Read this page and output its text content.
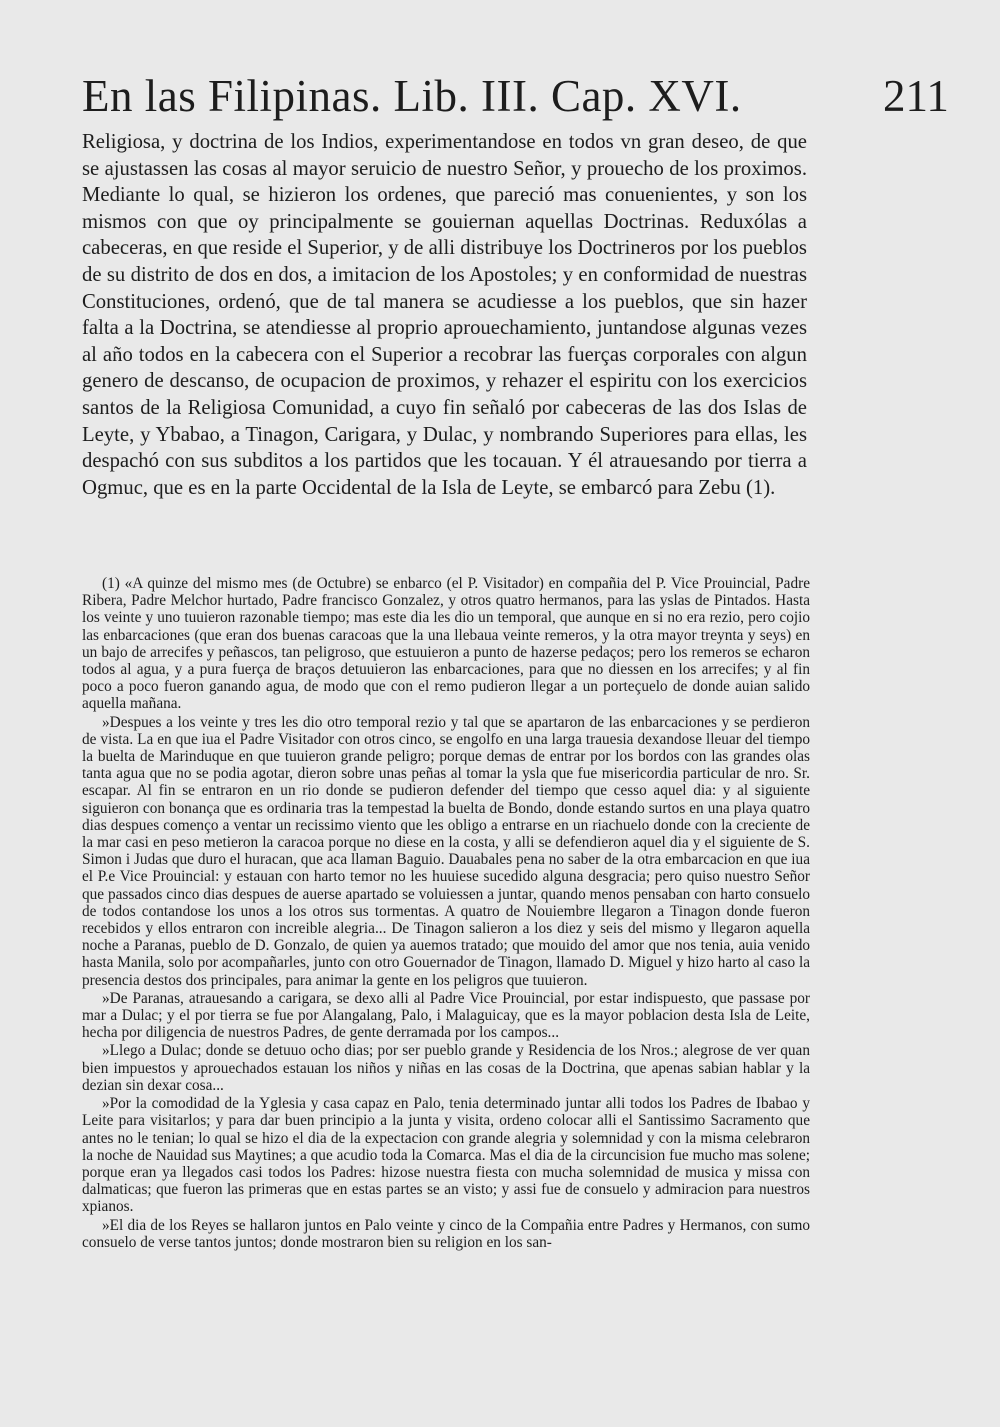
En las Filipinas. Lib. III. Cap. XVI.	211
Religiosa, y doctrina de los Indios, experimentandose en todos vn gran deseo, de que se ajustassen las cosas al mayor seruicio de nuestro Señor, y prouecho de los proximos. Mediante lo qual, se hizieron los ordenes, que pareció mas conuenientes, y son los mismos con que oy principalmente se gouiernan aquellas Doctrinas. Reduxólas a cabeceras, en que reside el Superior, y de alli distribuye los Doctrineros por los pueblos de su distrito de dos en dos, a imitacion de los Apostoles; y en conformidad de nuestras Constituciones, ordenó, que de tal manera se acudiesse a los pueblos, que sin hazer falta a la Doctrina, se atendiesse al proprio aprouechamiento, juntandose algunas vezes al año todos en la cabecera con el Superior a recobrar las fuerças corporales con algun genero de descanso, de ocupacion de proximos, y rehazer el espiritu con los exercicios santos de la Religiosa Comunidad, a cuyo fin señaló por cabeceras de las dos Islas de Leyte, y Ybabao, a Tinagon, Carigara, y Dulac, y nombrando Superiores para ellas, les despachó con sus subditos a los partidos que les tocauan. Y él atrauesando por tierra a Ogmuc, que es en la parte Occidental de la Isla de Leyte, se embarcó para Zebu (1).

(1) «A quinze del mismo mes (de Octubre) se enbarco (el P. Visitador) en compañia del P. Vice Prouincial, Padre Ribera, Padre Melchor hurtado, Padre francisco Gonzalez, y otros quatro hermanos, para las yslas de Pintados. Hasta los veinte y uno tuuieron razonable tiempo; mas este dia les dio un temporal, que aunque en si no era rezio, pero cojio las enbarcaciones (que eran dos buenas caracoas que la una llebaua veinte remeros, y la otra mayor treynta y seys) en un bajo de arrecifes y peñascos, tan peligroso, que estuuieron a punto de hazerse pedaços; pero los remeros se echaron todos al agua, y a pura fuerça de braços detuuieron las enbarcaciones, para que no diessen en los arrecifes; y al fin poco a poco fueron ganando agua, de modo que con el remo pudieron llegar a un porteçuelo de donde auian salido aquella mañana.

»Despues a los veinte y tres les dio otro temporal rezio y tal que se apartaron de las enbarcaciones y se perdieron de vista. La en que iua el Padre Visitador con otros cinco, se engolfo en una larga trauesia dexandose lleuar del tiempo la buelta de Marinduque en que tuuieron grande peligro; porque demas de entrar por los bordos con las grandes olas tanta agua que no se podia agotar, dieron sobre unas peñas al tomar la ysla que fue misericordia particular de nro. Sr. escapar. Al fin se entraron en un rio donde se pudieron defender del tiempo que cesso aquel dia: y al siguiente siguieron con bonança que es ordinaria tras la tempestad la buelta de Bondo, donde estando surtos en una playa quatro dias despues començo a ventar un recissimo viento que les obligo a entrarse en un riachuelo donde con la creciente de la mar casi en peso metieron la caracoa porque no diese en la costa, y alli se defendieron aquel dia y el siguiente de S. Simon i Judas que duro el huracan, que aca llaman Baguio. Dauabales pena no saber de la otra embarcacion en que iua el P.e Vice Prouincial: y estauan con harto temor no les huuiese sucedido alguna desgracia; pero quiso nuestro Señor que passados cinco dias despues de auerse apartado se voluiessen a juntar, quando menos pensaban con harto consuelo de todos contandose los unos a los otros sus tormentas. A quatro de Nouiembre llegaron a Tinagon donde fueron recebidos y ellos entraron con increible alegria... De Tinagon salieron a los diez y seis del mismo y llegaron aquella noche a Paranas, pueblo de D. Gonzalo, de quien ya auemos tratado; que mouido del amor que nos tenia, auia venido hasta Manila, solo por acompañarles, junto con otro Gouernador de Tinagon, llamado D. Miguel y hizo harto al caso la presencia destos dos principales, para animar la gente en los peligros que tuuieron.

»De Paranas, atrauesando a carigara, se dexo alli al Padre Vice Prouincial, por estar indispuesto, que passase por mar a Dulac; y el por tierra se fue por Alangalang, Palo, i Malaguicay, que es la mayor poblacion desta Isla de Leite, hecha por diligencia de nuestros Padres, de gente derramada por los campos...

»Llego a Dulac; donde se detuuo ocho dias; por ser pueblo grande y Residencia de los Nros.; alegrose de ver quan bien impuestos y aprouechados estauan los niños y niñas en las cosas de la Doctrina, que apenas sabian hablar y la dezian sin dexar cosa...

»Por la comodidad de la Yglesia y casa capaz en Palo, tenia determinado juntar alli todos los Padres de Ibabao y Leite para visitarlos; y para dar buen principio a la junta y visita, ordeno colocar alli el Santissimo Sacramento que antes no le tenian; lo qual se hizo el dia de la expectacion con grande alegria y solemnidad y con la misma celebraron la noche de Nauidad sus Maytines; a que acudio toda la Comarca. Mas el dia de la circuncision fue mucho mas solene; porque eran ya llegados casi todos los Padres: hizose nuestra fiesta con mucha solemnidad de musica y missa con dalmaticas; que fueron las primeras que en estas partes se an visto; y assi fue de consuelo y admiracion para nuestros xpianos.

»El dia de los Reyes se hallaron juntos en Palo veinte y cinco de la Compañia entre Padres y Hermanos, con sumo consuelo de verse tantos juntos; donde mostraron bien su religion en los san-
